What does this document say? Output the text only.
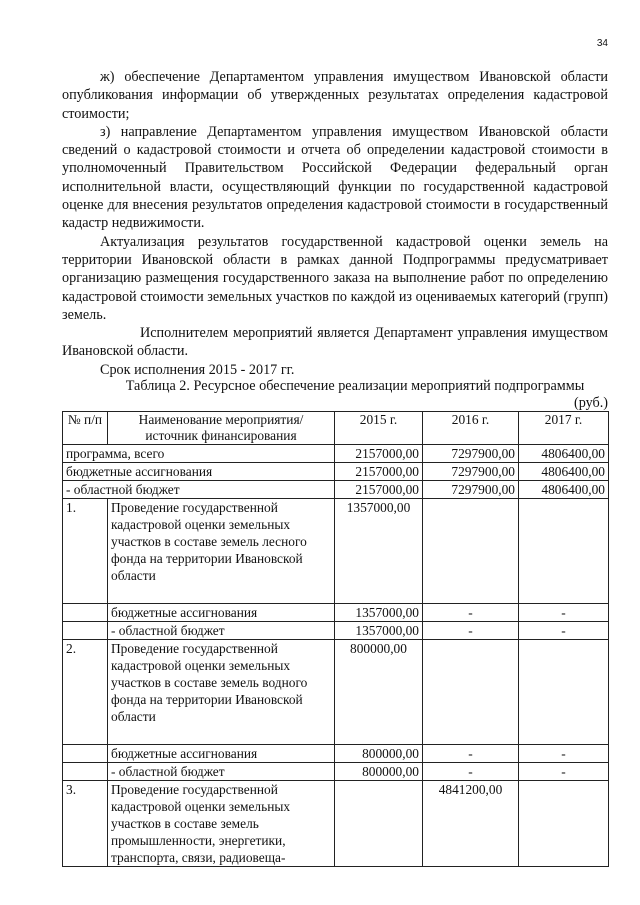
34

ж) обеспечение Департаментом управления имуществом Ивановской области опубликования информации об утвержденных результатах определения кадастровой стоимости;

з) направление Департаментом управления имуществом Ивановской области сведений о кадастровой стоимости и отчета об определении кадастровой стоимости в уполномоченный Правительством Российской Федерации федеральный орган исполнительной власти, осуществляющий функции по государственной кадастровой оценке для внесения результатов определения кадастровой стоимости в государственный кадастр недвижимости.

Актуализация результатов государственной кадастровой оценки земель на территории Ивановской области в рамках данной Подпрограммы предусматривает организацию размещения государственного заказа на выполнение работ по определению кадастровой стоимости земельных участков по каждой из оцениваемых категорий (групп) земель.

Исполнителем мероприятий является Департамент управления имуществом Ивановской области.

Срок исполнения 2015 - 2017 гг.

Таблица 2. Ресурсное обеспечение реализации мероприятий подпрограммы
(руб.)
№ п/п	Наименование мероприятия/ источник финансирования	2015 г.	2016 г.	2017 г.
программа, всего		2157000,00	7297900,00	4806400,00
бюджетные ассигнования		2157000,00	7297900,00	4806400,00
- областной бюджет		2157000,00	7297900,00	4806400,00
1.	Проведение государственной кадастровой оценки земельных участков в составе земель лесного фонда на территории Ивановской области	1357000,00		
	бюджетные ассигнования	1357000,00	-	-
	- областной бюджет	1357000,00	-	-
2.	Проведение государственной кадастровой оценки земельных участков в составе земель водного фонда на территории Ивановской области	800000,00		
	бюджетные ассигнования	800000,00	-	-
	- областной бюджет	800000,00	-	-
3.	Проведение государственной кадастровой оценки земельных участков в составе земель промышленности, энергетики, транспорта, связи, радиовеща-		4841200,00	
